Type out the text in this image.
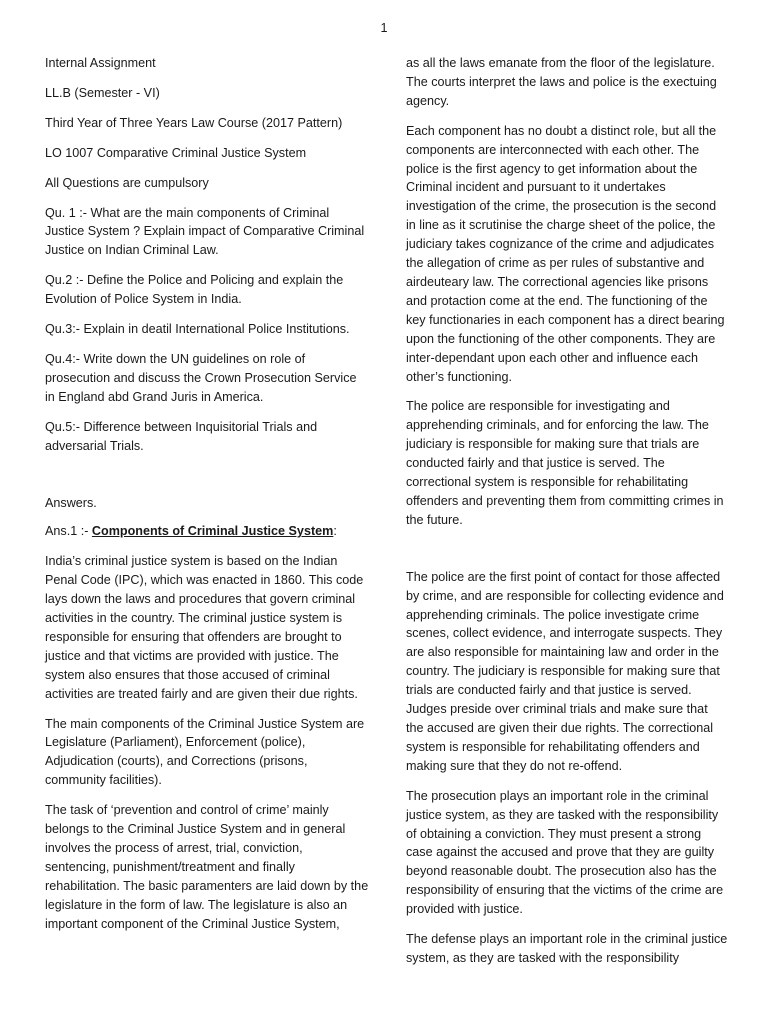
1

Internal Assignment

LL.B (Semester - VI)

Third Year of Three Years Law Course (2017 Pattern)

LO 1007 Comparative Criminal Justice System

All Questions are cumpulsory

Qu. 1 :- What are the main components of Criminal Justice System ? Explain impact of Comparative Criminal Justice on Indian Criminal Law.

Qu.2 :- Define the Police and Policing and explain the Evolution of Police System in India.

Qu.3:- Explain in deatil International Police Institutions.

Qu.4:- Write down the UN guidelines on role of prosecution and discuss the Crown Prosecution Service in England abd Grand Juris in America.

Qu.5:- Difference between Inquisitorial Trials and adversarial Trials.

Answers.

Ans.1 :- Components of Criminal Justice System:

India’s criminal justice system is based on the Indian Penal Code (IPC), which was enacted in 1860. This code lays down the laws and procedures that govern criminal activities in the country. The criminal justice system is responsible for ensuring that offenders are brought to justice and that victims are provided with justice. The system also ensures that those accused of criminal activities are treated fairly and are given their due rights.

The main components of the Criminal Justice System are Legislature (Parliament), Enforcement (police), Adjudication (courts), and Corrections (prisons, community facilities).

The task of ‘prevention and control of crime’ mainly belongs to the Criminal Justice System and in general involves the process of arrest, trial, conviction, sentencing, punishment/treatment and finally rehabilitation. The basic paramenters are laid down by the legislature in the form of law. The legislature is also an important component of the Criminal Justice System,

as all the laws emanate from the floor of the legislature. The courts interpret the laws and police is the exectuing agency.

Each component has no doubt a distinct role, but all the components are interconnected with each other. The police is the first agency to get information about the Criminal incident and pursuant to it undertakes investigation of the crime, the prosecution is the second in line as it scrutinise the charge sheet of the police, the judiciary takes cognizance of the crime and adjudicates the allegation of crime as per rules of substantive and airdeuteary law. The correctional agencies like prisons and protaction come at the end. The functioning of the key functionaries in each component has a direct bearing upon the functioning of the other components. They are inter-dependant upon each other and influence each other’s functioning.

The police are responsible for investigating and apprehending criminals, and for enforcing the law. The judiciary is responsible for making sure that trials are conducted fairly and that justice is served. The correctional system is responsible for rehabilitating offenders and preventing them from committing crimes in the future.

The police are the first point of contact for those affected by crime, and are responsible for collecting evidence and apprehending criminals. The police investigate crime scenes, collect evidence, and interrogate suspects. They are also responsible for maintaining law and order in the country. The judiciary is responsible for making sure that trials are conducted fairly and that justice is served. Judges preside over criminal trials and make sure that the accused are given their due rights. The correctional system is responsible for rehabilitating offenders and making sure that they do not re-offend.

The prosecution plays an important role in the criminal justice system, as they are tasked with the responsibility of obtaining a conviction. They must present a strong case against the accused and prove that they are guilty beyond reasonable doubt. The prosecution also has the responsibility of ensuring that the victims of the crime are provided with justice.

The defense plays an important role in the criminal justice system, as they are tasked with the responsibility
